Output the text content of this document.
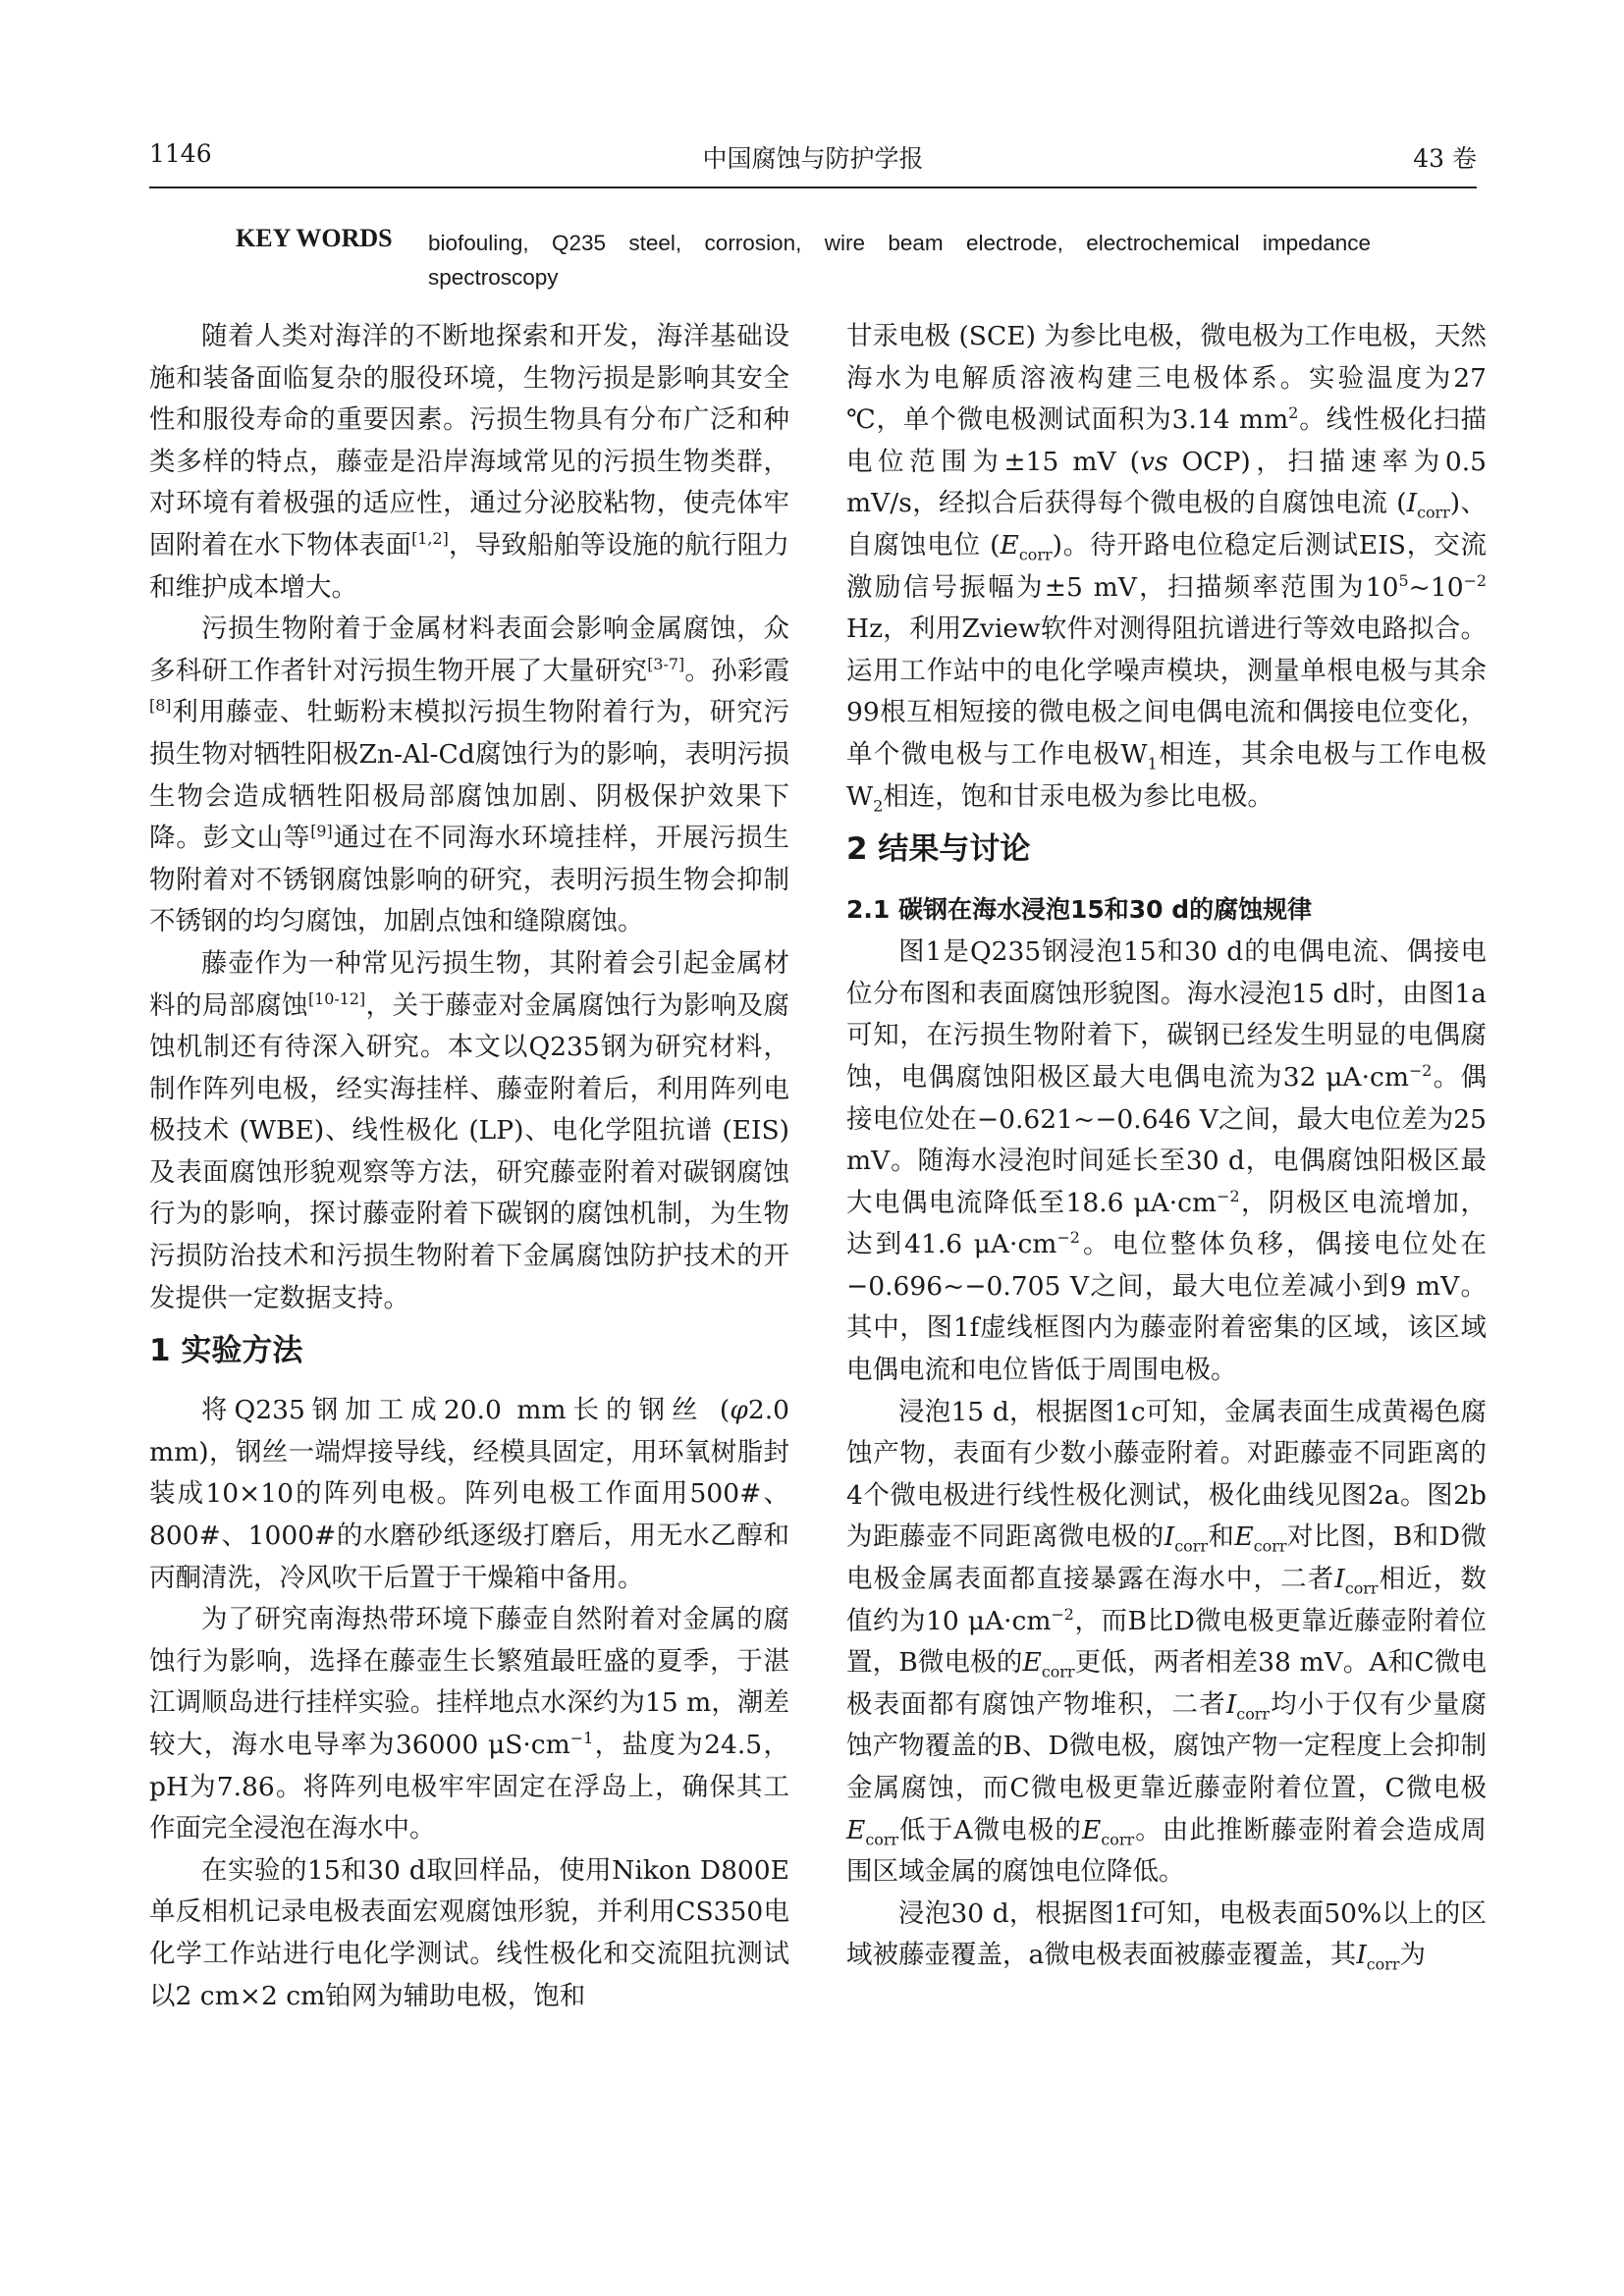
1146	中国腐蚀与防护学报	43 卷
KEY WORDS biofouling, Q235 steel, corrosion, wire beam electrode, electrochemical impedance spectroscopy

随着人类对海洋的不断地探索和开发，海洋基础设施和装备面临复杂的服役环境，生物污损是影响其安全性和服役寿命的重要因素。污损生物具有分布广泛和种类多样的特点，藤壶是沿岸海域常见的污损生物类群，对环境有着极强的适应性，通过分泌胶粘物，使壳体牢固附着在水下物体表面[1,2]，导致船舶等设施的航行阻力和维护成本增大。

污损生物附着于金属材料表面会影响金属腐蚀，众多科研工作者针对污损生物开展了大量研究[3-7]。孙彩霞[8]利用藤壶、牡蛎粉末模拟污损生物附着行为，研究污损生物对牺牲阳极Zn-Al-Cd腐蚀行为的影响，表明污损生物会造成牺牲阳极局部腐蚀加剧、阴极保护效果下降。彭文山等[9]通过在不同海水环境挂样，开展污损生物附着对不锈钢腐蚀影响的研究，表明污损生物会抑制不锈钢的均匀腐蚀，加剧点蚀和缝隙腐蚀。

藤壶作为一种常见污损生物，其附着会引起金属材料的局部腐蚀[10-12]，关于藤壶对金属腐蚀行为影响及腐蚀机制还有待深入研究。本文以Q235钢为研究材料，制作阵列电极，经实海挂样、藤壶附着后，利用阵列电极技术 (WBE)、线性极化 (LP)、电化学阻抗谱 (EIS) 及表面腐蚀形貌观察等方法，研究藤壶附着对碳钢腐蚀行为的影响，探讨藤壶附着下碳钢的腐蚀机制，为生物污损防治技术和污损生物附着下金属腐蚀防护技术的开发提供一定数据支持。

1 实验方法

将Q235钢加工成20.0 mm长的钢丝 (φ2.0 mm)，钢丝一端焊接导线，经模具固定，用环氧树脂封装成10×10的阵列电极。阵列电极工作面用500#、800#、1000#的水磨砂纸逐级打磨后，用无水乙醇和丙酮清洗，冷风吹干后置于干燥箱中备用。

为了研究南海热带环境下藤壶自然附着对金属的腐蚀行为影响，选择在藤壶生长繁殖最旺盛的夏季，于湛江调顺岛进行挂样实验。挂样地点水深约为15 m，潮差较大，海水电导率为36000 $\mu S\cdot cm^{-1}$，盐度为24.5，pH为7.86。将阵列电极牢牢固定在浮岛上，确保其工作面完全浸泡在海水中。

在实验的15和30 d取回样品，使用Nikon D800E单反相机记录电极表面宏观腐蚀形貌，并利用CS350电化学工作站进行电化学测试。线性极化和交流阻抗测试以2 cm×2 cm铂网为辅助电极，饱和

甘汞电极 (SCE) 为参比电极，微电极为工作电极，天然海水为电解质溶液构建三电极体系。实验温度为27 ℃，单个微电极测试面积为3.14 $mm^2$。线性极化扫描电位范围为±15 mV (vs OCP)，扫描速率为0.5 mV/s，经拟合后获得每个微电极的自腐蚀电流 $(I_{corr})$、自腐蚀电位 $(E_{corr})$。待开路电位稳定后测试EIS，交流激励信号振幅为±5 mV，扫描频率范围为$10^5\sim 10^{-2}$ Hz，利用Zview软件对测得阻抗谱进行等效电路拟合。运用工作站中的电化学噪声模块，测量单根电极与其余99根互相短接的微电极之间电偶电流和偶接电位变化，单个微电极与工作电极$W_1$相连，其余电极与工作电极$W_2$相连，饱和甘汞电极为参比电极。

2 结果与讨论
2.1 碳钢在海水浸泡15和30 d的腐蚀规律

图1是Q235钢浸泡15和30 d的电偶电流、偶接电位分布图和表面腐蚀形貌图。海水浸泡15 d时，由图1a可知，在污损生物附着下，碳钢已经发生明显的电偶腐蚀，电偶腐蚀阳极区最大电偶电流为32 $\mu A\cdot cm^{-2}$。偶接电位处在−0.621~−0.646 V之间，最大电位差为25 mV。随海水浸泡时间延长至30 d，电偶腐蚀阳极区最大电偶电流降低至18.6 $\mu A\cdot cm^{-2}$，阴极区电流增加，达到41.6 $\mu A\cdot cm^{-2}$。电位整体负移，偶接电位处在−0.696~−0.705 V之间，最大电位差减小到9 mV。其中，图1f虚线框图内为藤壶附着密集的区域，该区域电偶电流和电位皆低于周围电极。

浸泡15 d，根据图1c可知，金属表面生成黄褐色腐蚀产物，表面有少数小藤壶附着。对距藤壶不同距离的4个微电极进行线性极化测试，极化曲线见图2a。图2b为距藤壶不同距离微电极的$I_{corr}$和$E_{corr}$对比图，B和D微电极金属表面都直接暴露在海水中，二者$I_{corr}$相近，数值约为10 $\mu A\cdot cm^{-2}$，而B比D微电极更靠近藤壶附着位置，B微电极的$E_{corr}$更低，两者相差38 mV。A和C微电极表面都有腐蚀产物堆积，二者$I_{corr}$均小于仅有少量腐蚀产物覆盖的B、D微电极，腐蚀产物一定程度上会抑制金属腐蚀，而C微电极更靠近藤壶附着位置，C微电极$E_{corr}$低于A微电极的$E_{corr}$。由此推断藤壶附着会造成周围区域金属的腐蚀电位降低。

浸泡30 d，根据图1f可知，电极表面50%以上的区域被藤壶覆盖，a微电极表面被藤壶覆盖，其$I_{corr}$为
